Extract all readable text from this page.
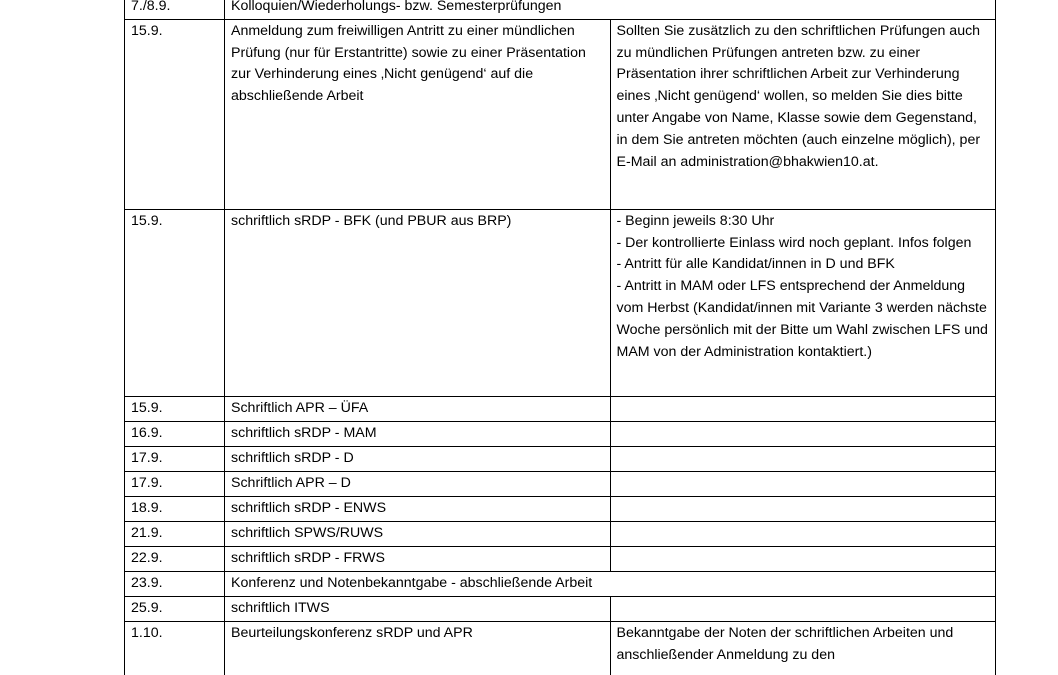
7./8.9.	Kolloquien/Wiederholungs- bzw. Semesterprüfungen	
15.9.	Anmeldung zum freiwilligen Antritt zu einer mündlichen Prüfung (nur für Erstantritte) sowie zu einer Präsentation zur Verhinderung eines ‚Nicht genügend‘ auf die abschließende Arbeit	Sollten Sie zusätzlich zu den schriftlichen Prüfungen auch zu mündlichen Prüfungen antreten bzw. zu einer Präsentation ihrer schriftlichen Arbeit zur Verhinderung eines ‚Nicht genügend‘ wollen, so melden Sie dies bitte unter Angabe von Name, Klasse sowie dem Gegenstand, in dem Sie antreten möchten (auch einzelne möglich), per E-Mail an administration@bhakwien10.at.
15.9.	schriftlich sRDP - BFK (und PBUR aus BRP)	- Beginn jeweils 8:30 Uhr
- Der kontrollierte Einlass wird noch geplant. Infos folgen
- Antritt für alle Kandidat/innen in D und BFK
- Antritt in MAM oder LFS entsprechend der Anmeldung vom Herbst (Kandidat/innen mit Variante 3 werden nächste Woche persönlich mit der Bitte um Wahl zwischen LFS und MAM von der Administration kontaktiert.)
15.9.	Schriftlich APR – ÜFA	
16.9.	schriftlich sRDP - MAM	
17.9.	schriftlich sRDP - D	
17.9.	Schriftlich APR – D	
18.9.	schriftlich sRDP - ENWS	
21.9.	schriftlich SPWS/RUWS	
22.9.	schriftlich sRDP - FRWS	
23.9.	Konferenz und Notenbekanntgabe - abschließende Arbeit	
25.9.	schriftlich ITWS	
1.10.	Beurteilungskonferenz sRDP und APR	Bekanntgabe der Noten der schriftlichen Arbeiten und anschließender Anmeldung zu den
